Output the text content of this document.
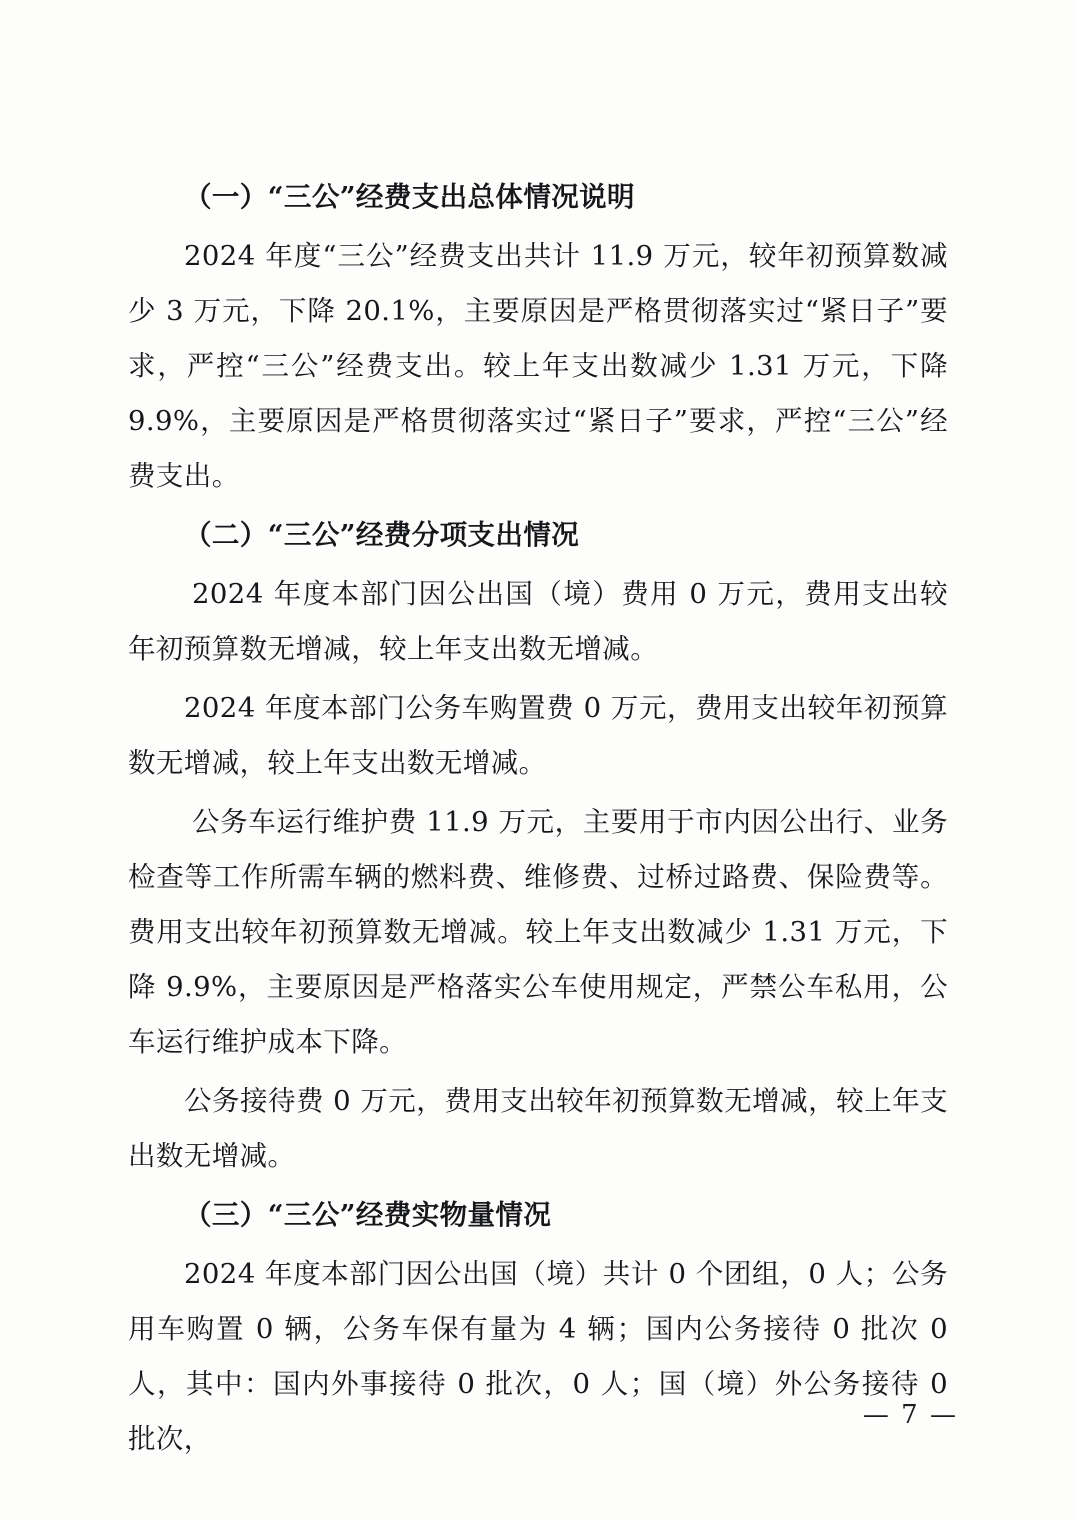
（一）“三公”经费支出总体情况说明

2024 年度“三公”经费支出共计 11.9 万元，较年初预算数减少 3 万元，下降 20.1%，主要原因是严格贯彻落实过“紧日子”要求，严控“三公”经费支出。较上年支出数减少 1.31 万元，下降 9.9%，主要原因是严格贯彻落实过“紧日子”要求，严控“三公”经费支出。

（二）“三公”经费分项支出情况

2024 年度本部门因公出国（境）费用 0 万元，费用支出较年初预算数无增减，较上年支出数无增减。

2024 年度本部门公务车购置费 0 万元，费用支出较年初预算数无增减，较上年支出数无增减。

公务车运行维护费 11.9 万元，主要用于市内因公出行、业务检查等工作所需车辆的燃料费、维修费、过桥过路费、保险费等。费用支出较年初预算数无增减。较上年支出数减少 1.31 万元，下降 9.9%，主要原因是严格落实公车使用规定，严禁公车私用，公车运行维护成本下降。

公务接待费 0 万元，费用支出较年初预算数无增减，较上年支出数无增减。

（三）“三公”经费实物量情况

2024 年度本部门因公出国（境）共计 0 个团组，0 人；公务用车购置 0 辆，公务车保有量为 4 辆；国内公务接待 0 批次 0 人，其中：国内外事接待 0 批次，0 人；国（境）外公务接待 0 批次，

— 7 —
